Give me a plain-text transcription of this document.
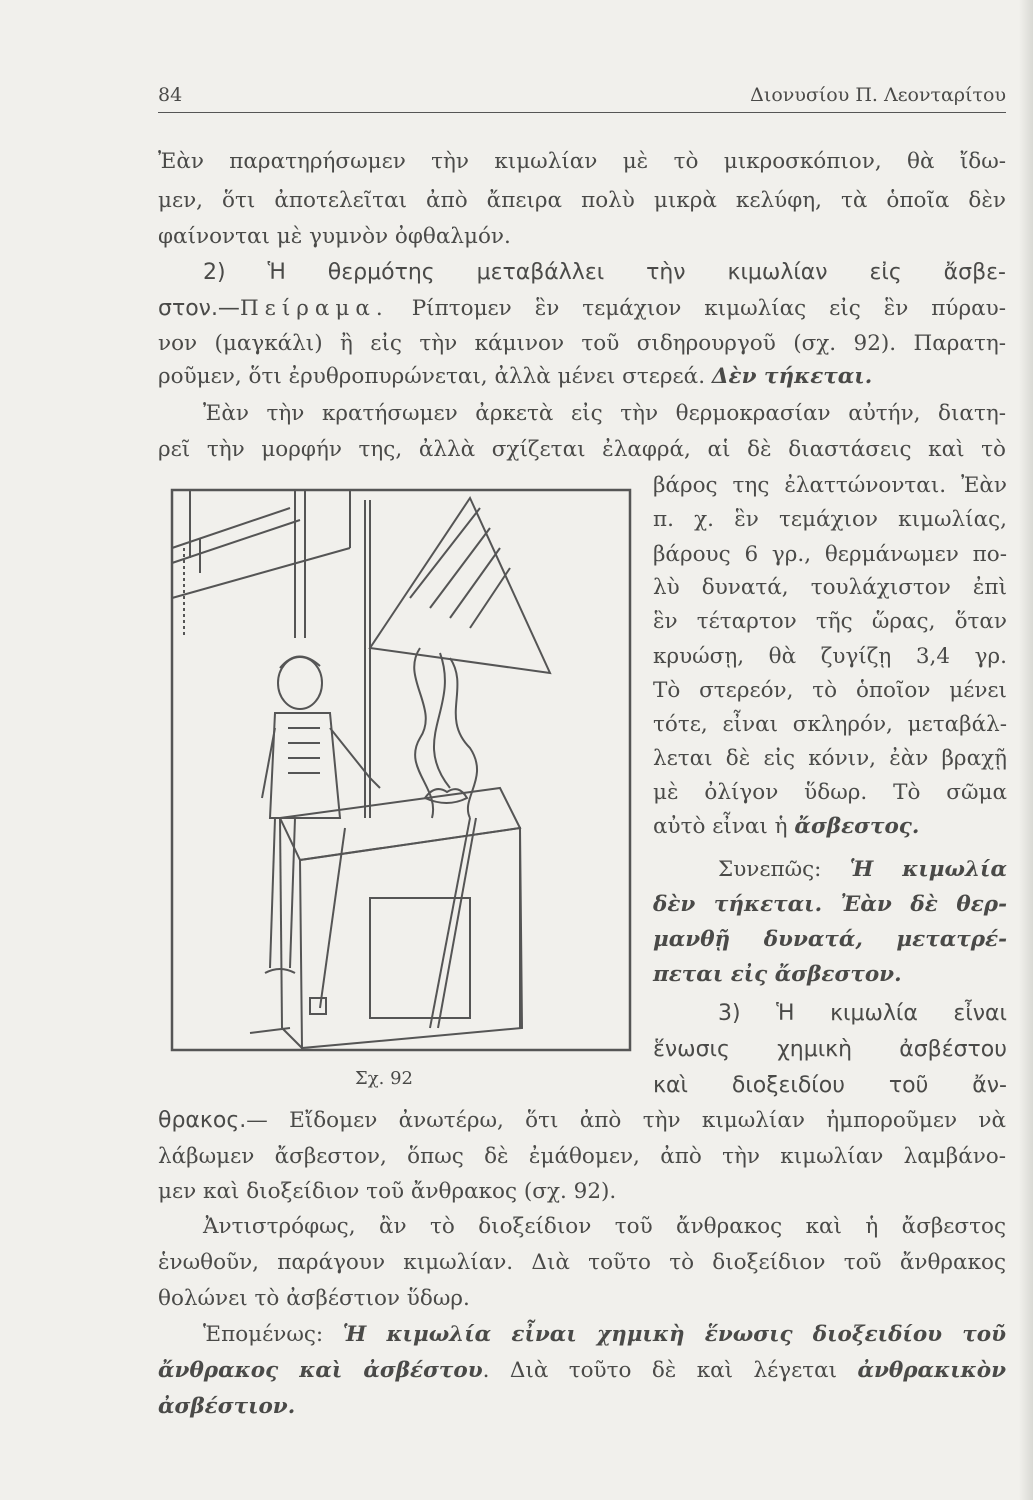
84	Διονυσίου Π. Λεονταρίτου
Ἐὰν παρατηρήσωμεν τὴν κιμωλίαν μὲ τὸ μικροσκόπιον, θὰ ἴδω-
μεν, ὅτι ἀποτελεῖται ἀπὸ ἄπειρα πολὺ μικρὰ κελύφη, τὰ ὁποῖα δὲν
φαίνονται μὲ γυμνὸν ὀφθαλμόν.
2) Ἡ θερμότης μεταβάλλει τὴν κιμωλίαν εἰς ἄσβε-
στον.—Πείραμα. Ρίπτομεν ἓν τεμάχιον κιμωλίας εἰς ἓν πύραυ-
νον (μαγκάλι) ἢ εἰς τὴν κάμινον τοῦ σιδηρουργοῦ (σχ. 92). Παρατη-
ροῦμεν, ὅτι ἐρυθροπυρώνεται, ἀλλὰ μένει στερεά. Δὲν τήκεται.
Ἐὰν τὴν κρατήσωμεν ἀρκετὰ εἰς τὴν θερμοκρασίαν αὐτήν, διατη-
ρεῖ τὴν μορφήν της, ἀλλὰ σχίζεται ἐλαφρά, αἱ δὲ διαστάσεις καὶ τὸ
βάρος της ἐλαττώνονται. Ἐὰν
π. χ. ἓν τεμάχιον κιμωλίας,
βάρους 6 γρ., θερμάνωμεν πο-
λὺ δυνατά, τουλάχιστον ἐπὶ
ἓν τέταρτον τῆς ὥρας, ὅταν
κρυώσῃ, θὰ ζυγίζῃ 3,4 γρ.
Τὸ στερεόν, τὸ ὁποῖον μένει
τότε, εἶναι σκληρόν, μεταβάλ-
λεται δὲ εἰς κόνιν, ἐὰν βραχῇ
μὲ ὀλίγον ὕδωρ. Τὸ σῶμα
αὐτὸ εἶναι ἡ ἄσβεστος.
Συνεπῶς: Ἡ κιμωλία
δὲν τήκεται. Ἐὰν δὲ θερ-
μανθῇ δυνατά, μετατρέ-
πεται εἰς ἄσβεστον.
3) Ἡ κιμωλία εἶναι
ἕνωσις χημικὴ ἀσβέστου
καὶ διοξειδίου τοῦ ἄν-
Σχ. 92
θρακος.— Εἴδομεν ἀνωτέρω, ὅτι ἀπὸ τὴν κιμωλίαν ἠμποροῦμεν νὰ
λάβωμεν ἄσβεστον, ὅπως δὲ ἐμάθομεν, ἀπὸ τὴν κιμωλίαν λαμβάνο-
μεν καὶ διοξείδιον τοῦ ἄνθρακος (σχ. 92).
Ἀντιστρόφως, ἂν τὸ διοξείδιον τοῦ ἄνθρακος καὶ ἡ ἄσβεστος
ἑνωθοῦν, παράγουν κιμωλίαν. Διὰ τοῦτο τὸ διοξείδιον τοῦ ἄνθρακος
θολώνει τὸ ἀσβέστιον ὕδωρ.
Ἑπομένως: Ἡ κιμωλία εἶναι χημικὴ ἕνωσις διοξειδίου τοῦ
ἄνθρακος καὶ ἀσβέστου. Διὰ τοῦτο δὲ καὶ λέγεται ἀνθρακικὸν
ἀσβέστιον.
